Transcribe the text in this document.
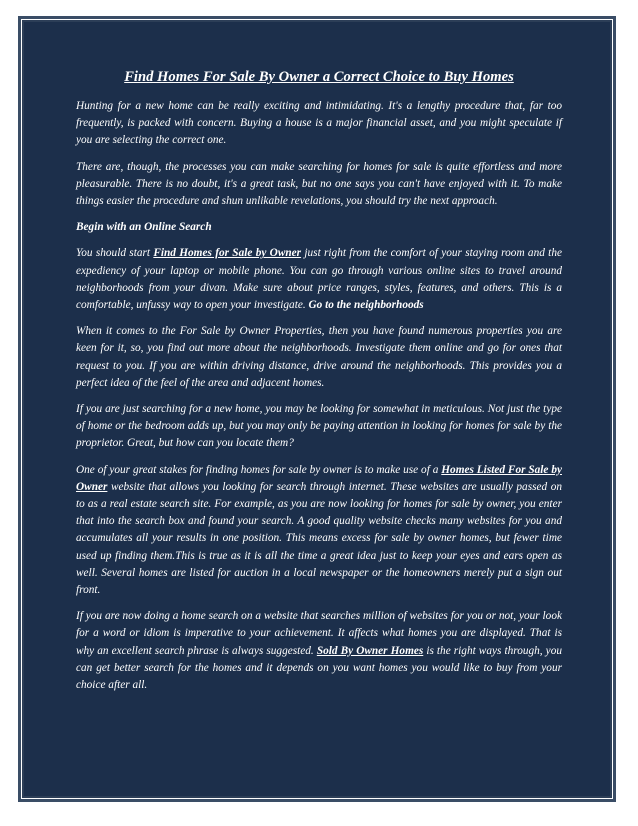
Find Homes For Sale By Owner a Correct Choice to Buy Homes

Hunting for a new home can be really exciting and intimidating. It's a lengthy procedure that, far too frequently, is packed with concern. Buying a house is a major financial asset, and you might speculate if you are selecting the correct one.

There are, though, the processes you can make searching for homes for sale is quite effortless and more pleasurable. There is no doubt, it's a great task, but no one says you can't have enjoyed with it. To make things easier the procedure and shun unlikable revelations, you should try the next approach.

Begin with an Online Search

You should start Find Homes for Sale by Owner just right from the comfort of your staying room and the expediency of your laptop or mobile phone. You can go through various online sites to travel around neighborhoods from your divan. Make sure about price ranges, styles, features, and others. This is a comfortable, unfussy way to open your investigate. Go to the neighborhoods

When it comes to the For Sale by Owner Properties, then you have found numerous properties you are keen for it, so, you find out more about the neighborhoods. Investigate them online and go for ones that request to you. If you are within driving distance, drive around the neighborhoods. This provides you a perfect idea of the feel of the area and adjacent homes.

If you are just searching for a new home, you may be looking for somewhat in meticulous. Not just the type of home or the bedroom adds up, but you may only be paying attention in looking for homes for sale by the proprietor. Great, but how can you locate them?

One of your great stakes for finding homes for sale by owner is to make use of a Homes Listed For Sale by Owner website that allows you looking for search through internet. These websites are usually passed on to as a real estate search site. For example, as you are now looking for homes for sale by owner, you enter that into the search box and found your search. A good quality website checks many websites for you and accumulates all your results in one position. This means excess for sale by owner homes, but fewer time used up finding them.This is true as it is all the time a great idea just to keep your eyes and ears open as well. Several homes are listed for auction in a local newspaper or the homeowners merely put a sign out front.

If you are now doing a home search on a website that searches million of websites for you or not, your look for a word or idiom is imperative to your achievement. It affects what homes you are displayed. That is why an excellent search phrase is always suggested. Sold By Owner Homes is the right ways through, you can get better search for the homes and it depends on you want homes you would like to buy from your choice after all.
